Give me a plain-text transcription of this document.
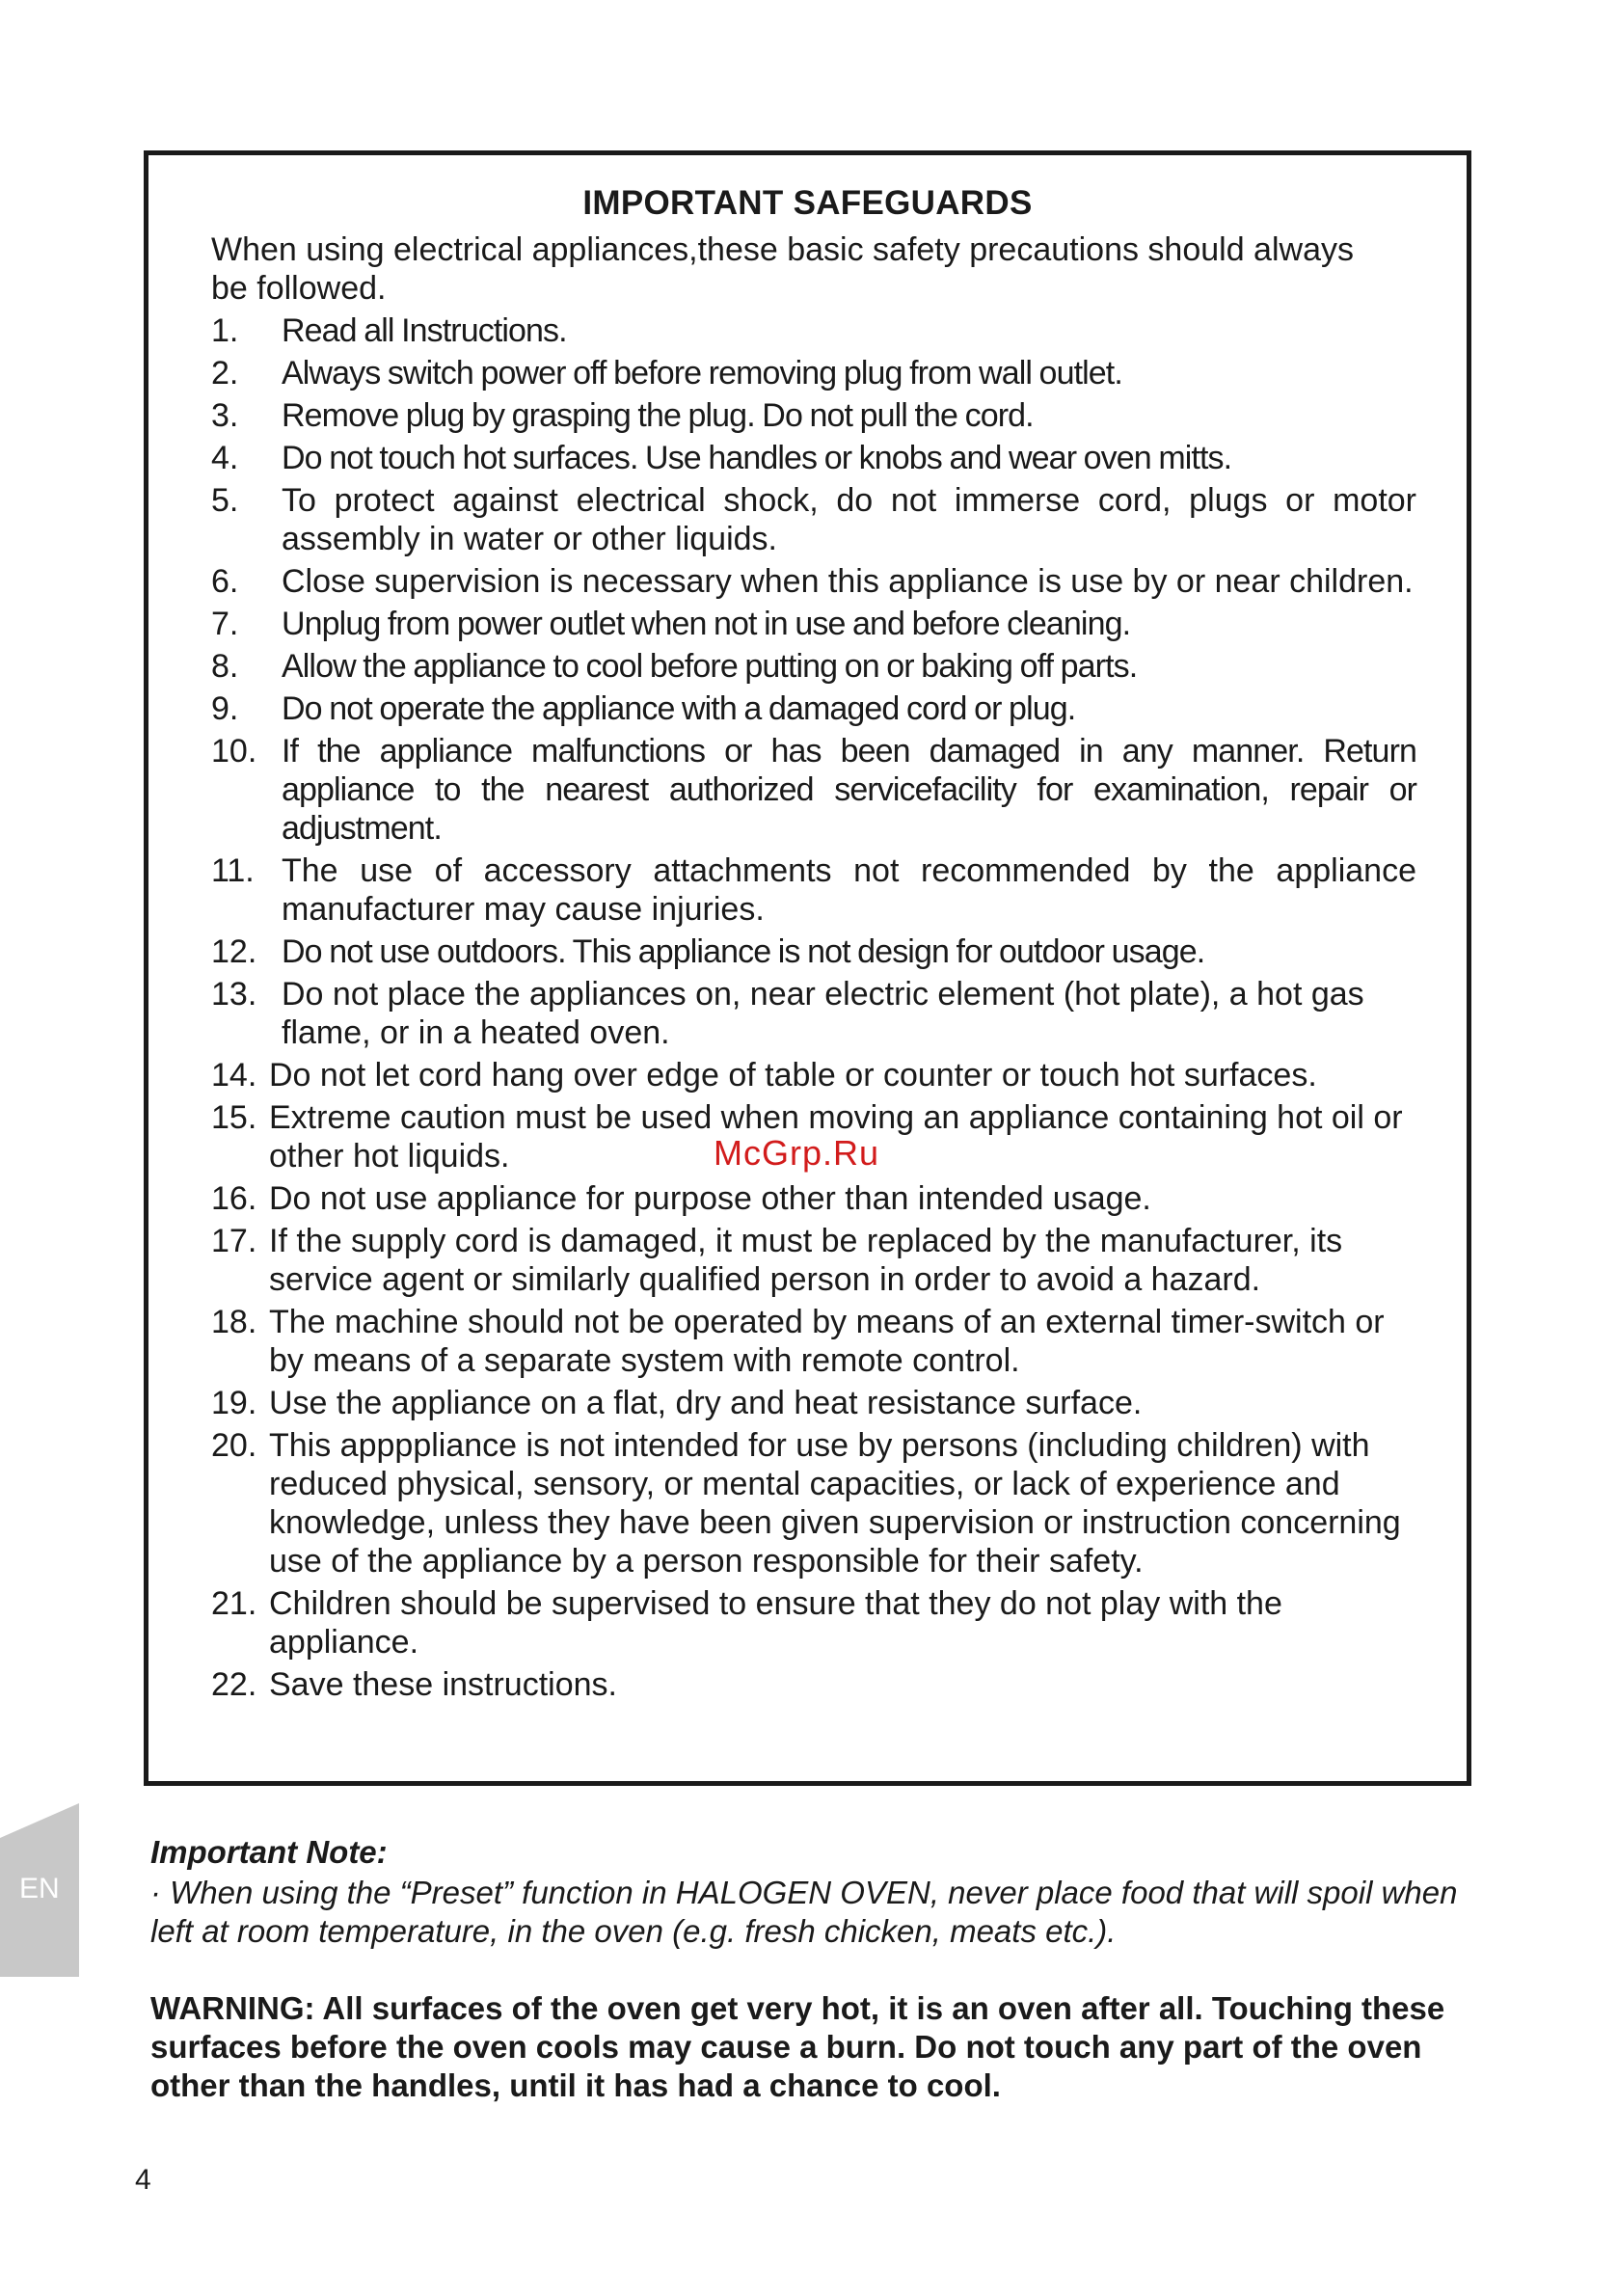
IMPORTANT SAFEGUARDS
When using electrical appliances,these basic safety precautions should always be followed.
1.	Read all Instructions.
2.	Always switch power off before removing plug from wall outlet.
3.	Remove plug by grasping the plug. Do not pull the cord.
4.	Do not touch hot surfaces. Use handles or knobs and wear oven mitts.
5.	To protect against electrical shock, do not immerse cord, plugs or motor assembly in water or other liquids.
6.	Close supervision is necessary when this appliance is use by or near children.
7.	Unplug from power outlet when not in use and before cleaning.
8.	Allow the appliance to cool before putting on or baking off parts.
9.	Do not operate the appliance with a damaged cord or plug.
10. If the appliance malfunctions or has been damaged in any manner. Return appliance to the nearest authorized servicefacility for examination, repair or adjustment.
11. The use of accessory attachments not recommended by the appliance manufacturer may cause injuries.
12. Do not use outdoors. This appliance is not design for outdoor usage.
13. Do not place the appliances on, near electric element (hot plate), a hot gas flame, or in a heated oven.
14. Do not let cord hang over edge of table or counter or touch hot surfaces.
15. Extreme caution must be used when moving an appliance containing hot oil or other hot liquids.
16. Do not use appliance for purpose other than intended usage.
17. If the supply cord is damaged, it must be replaced by the manufacturer, its service agent or similarly qualified person in order to avoid a hazard.
18. The machine should not be operated by means of an external timer-switch or by means of a separate system with remote control.
19. Use the appliance on a flat, dry and heat resistance surface.
20. This appppliance is not intended for use by persons (including children) with reduced physical, sensory, or mental capacities, or lack of experience and knowledge, unless they have been given supervision or instruction concerning use of the appliance by a person responsible for their safety.
21. Children should be supervised to ensure that they do not play with the appliance.
22. Save these instructions.
McGrp.Ru
EN
Important Note:
· When using the “Preset” function in HALOGEN OVEN, never place food that will spoil when left at room temperature, in the oven (e.g. fresh chicken, meats etc.).
WARNING: All surfaces of the oven get very hot, it is an oven after all. Touching these surfaces before the oven cools may cause a burn. Do not touch any part of the oven other than the handles, until it has had a chance to cool.
4
